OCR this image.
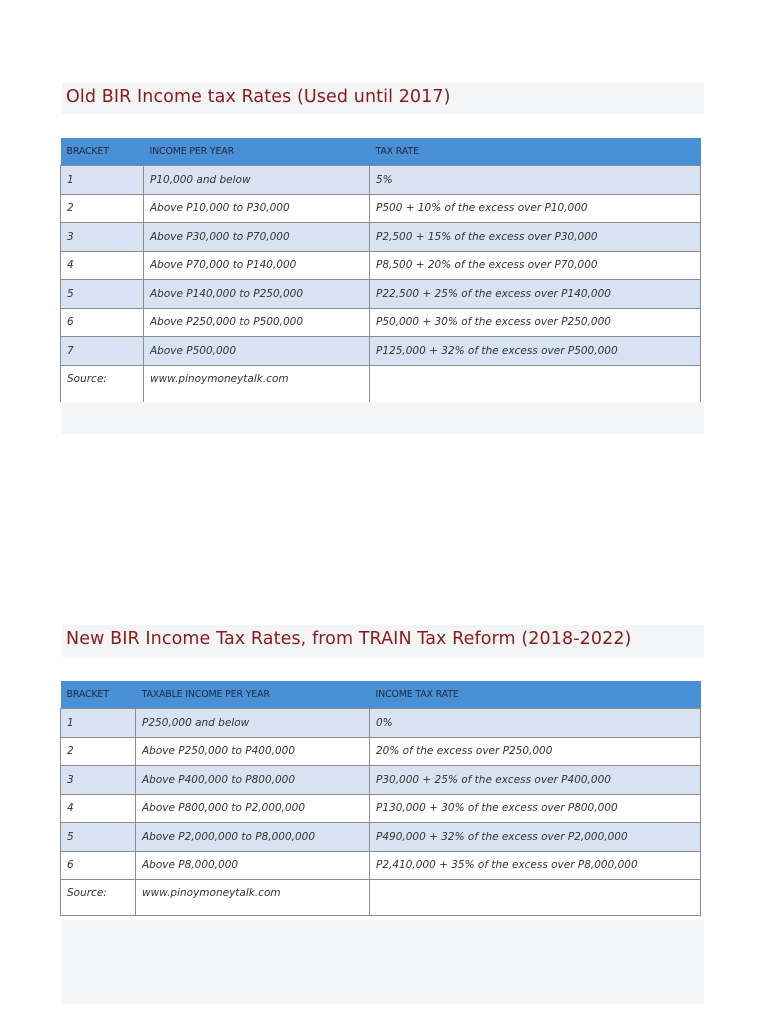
Old BIR Income tax Rates (Used until 2017)
BRACKET	INCOME PER YEAR	TAX RATE
1	P10,000 and below	5%
2	Above P10,000 to P30,000	P500 + 10% of the excess over P10,000
3	Above P30,000 to P70,000	P2,500 + 15% of the excess over P30,000
4	Above P70,000 to P140,000	P8,500 + 20% of the excess over P70,000
5	Above P140,000 to P250,000	P22,500 + 25% of the excess over P140,000
6	Above P250,000 to P500,000	P50,000 + 30% of the excess over P250,000
7	Above P500,000	P125,000 + 32% of the excess over P500,000
Source:	www.pinoymoneytalk.com	
New BIR Income Tax Rates, from TRAIN Tax Reform (2018-2022)
BRACKET	TAXABLE INCOME PER YEAR	INCOME TAX RATE
1	P250,000 and below	0%
2	Above P250,000 to P400,000	20% of the excess over P250,000
3	Above P400,000 to P800,000	P30,000 + 25% of the excess over P400,000
4	Above P800,000 to P2,000,000	P130,000 + 30% of the excess over P800,000
5	Above P2,000,000 to P8,000,000	P490,000 + 32% of the excess over P2,000,000
6	Above P8,000,000	P2,410,000 + 35% of the excess over P8,000,000
Source:	www.pinoymoneytalk.com	
